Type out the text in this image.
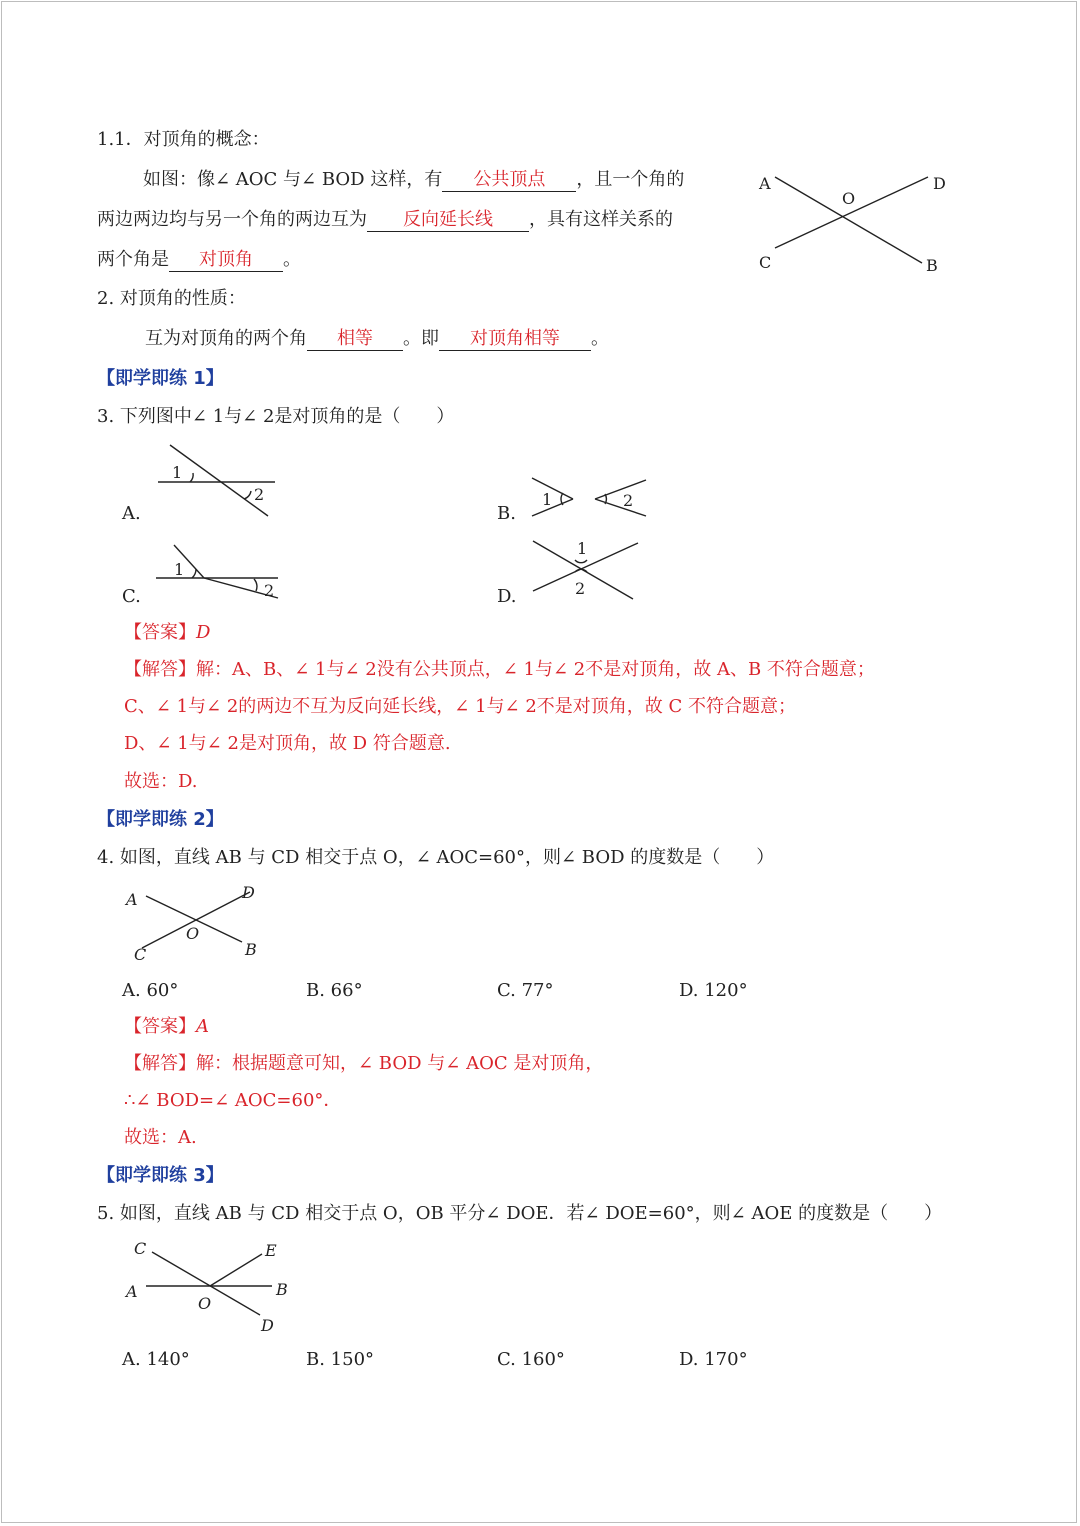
1.1．对顶角的概念：
如图：像∠ AOC 与∠ BOD 这样，有 公共顶点 ，且一个角的
两边两边均与另一个角的两边互为 反向延长线 ，具有这样关系的
两个角是 对顶角 。
A	D
O
C	B
2. 对顶角的性质：
互为对顶角的两个角 相等 。即 对顶角相等 。
【即学即练 1】
3. 下列图中∠ 1与∠ 2是对顶角的是（　　）
A.
1
2
B.
1	2
C.
1
2	D.
1
2
【答案】D
【解答】解：A、B、∠ 1与∠ 2没有公共顶点，∠ 1与∠ 2不是对顶角，故 A、B 不符合题意；
C、∠ 1与∠ 2的两边不互为反向延长线，∠ 1与∠ 2不是对顶角，故 C 不符合题意；
D、∠ 1与∠ 2是对顶角，故 D 符合题意.
故选：D.
【即学即练 2】
4. 如图，直线 AB 与 CD 相交于点 O，∠ AOC=60°，则∠ BOD 的度数是（　　）
A	D
O
C	B
A. 60°	B. 66°	C. 77°	D. 120°
【答案】A
【解答】解：根据题意可知，∠ BOD 与∠ AOC 是对顶角，
∴∠ BOD=∠ AOC=60°．
故选：A.
【即学即练 3】
5. 如图，直线 AB 与 CD 相交于点 O，OB 平分∠ DOE．若∠ DOE=60°，则∠ AOE 的度数是（　　）
C	E
A	B
O
D
A. 140°	B. 150°	C. 160°	D. 170°
